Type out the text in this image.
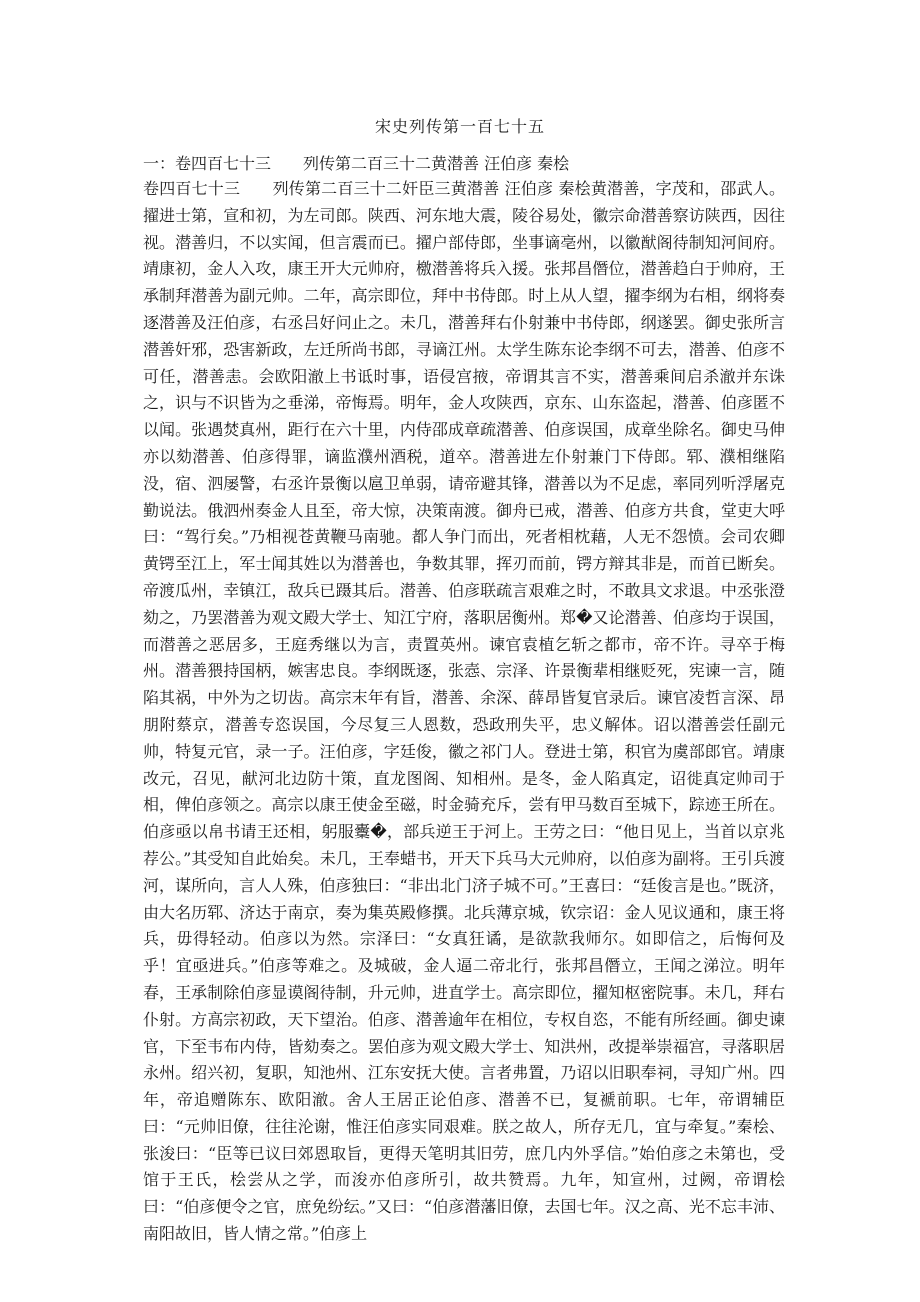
宋史列传第一百七十五
一：卷四百七十三　　列传第二百三十二黄潜善 汪伯彦 秦桧
卷四百七十三　　列传第二百三十二奸臣三黄潜善 汪伯彦 秦桧黄潜善，字茂和，邵武人。擢进士第，宣和初，为左司郎。陕西、河东地大震，陵谷易处，徽宗命潜善察访陕西，因往视。潜善归，不以实闻，但言震而已。擢户部侍郎，坐事谪亳州，以徽猷阁待制知河间府。靖康初，金人入攻，康王开大元帅府，檄潜善将兵入援。张邦昌僭位，潜善趋白于帅府，王承制拜潜善为副元帅。二年，高宗即位，拜中书侍郎。时上从人望，擢李纲为右相，纲将奏逐潜善及汪伯彦，右丞吕好问止之。未几，潜善拜右仆射兼中书侍郎，纲遂罢。御史张所言潜善奸邪，恐害新政，左迁所尚书郎，寻谪江州。太学生陈东论李纲不可去，潜善、伯彦不可任，潜善恚。会欧阳澈上书诋时事，语侵宫掖，帝谓其言不实，潜善乘间启杀澈并东诛之，识与不识皆为之垂涕，帝悔焉。明年，金人攻陕西，京东、山东盗起，潜善、伯彦匿不以闻。张遇焚真州，距行在六十里，内侍邵成章疏潜善、伯彦误国，成章坐除名。御史马伸亦以劾潜善、伯彦得罪，谪监濮州酒税，道卒。潜善进左仆射兼门下侍郎。郓、濮相继陷没，宿、泗屡警，右丞许景衡以扈卫单弱，请帝避其锋，潜善以为不足虑，率同列听浮屠克勤说法。俄泗州奏金人且至，帝大惊，决策南渡。御舟已戒，潜善、伯彦方共食，堂吏大呼曰：“驾行矣。”乃相视苍黄鞭马南驰。都人争门而出，死者相枕藉，人无不怨愤。会司农卿黄锷至江上，军士闻其姓以为潜善也，争数其罪，挥刃而前，锷方辩其非是，而首已断矣。帝渡瓜州，幸镇江，敌兵已蹑其后。潜善、伯彦联疏言艰难之时，不敢具文求退。中丞张澄劾之，乃罢潜善为观文殿大学士、知江宁府，落职居衡州。郑�又论潜善、伯彦均于误国，而潜善之恶居多，王庭秀继以为言，责置英州。谏官袁植乞斩之都市，帝不许。寻卒于梅州。潜善猥持国柄，嫉害忠良。李纲既逐，张悫、宗泽、许景衡辈相继贬死，宪谏一言，随陷其祸，中外为之切齿。高宗末年有旨，潜善、余深、薛昂皆复官录后。谏官凌哲言深、昂朋附蔡京，潜善专恣误国，今尽复三人恩数，恐政刑失平，忠义解体。诏以潜善尝任副元帅，特复元官，录一子。汪伯彦，字廷俊，徽之祁门人。登进士第，积官为虞部郎官。靖康改元，召见，献河北边防十策，直龙图阁、知相州。是冬，金人陷真定，诏徙真定帅司于相，俾伯彦领之。高宗以康王使金至磁，时金骑充斥，尝有甲马数百至城下，踪迹王所在。伯彦亟以帛书请王还相，躬服櫜�，部兵逆王于河上。王劳之曰：“他日见上，当首以京兆荐公。”其受知自此始矣。未几，王奉蜡书，开天下兵马大元帅府，以伯彦为副将。王引兵渡河，谋所向，言人人殊，伯彦独曰：“非出北门济子城不可。”王喜曰：“廷俊言是也。”既济，由大名历郓、济达于南京，奏为集英殿修撰。北兵薄京城，钦宗诏：金人见议通和，康王将兵，毋得轻动。伯彦以为然。宗泽曰：“女真狂谲，是欲款我师尔。如即信之，后悔何及乎！宜亟进兵。”伯彦等难之。及城破，金人逼二帝北行，张邦昌僭立，王闻之涕泣。明年春，王承制除伯彦显谟阁待制，升元帅，进直学士。高宗即位，擢知枢密院事。未几，拜右仆射。方高宗初政，天下望治。伯彦、潜善逾年在相位，专权自恣，不能有所经画。御史谏官，下至韦布内侍，皆劾奏之。罢伯彦为观文殿大学士、知洪州，改提举崇福宫，寻落职居永州。绍兴初，复职，知池州、江东安抚大使。言者弗置，乃诏以旧职奉祠，寻知广州。四年，帝追赠陈东、欧阳澈。舍人王居正论伯彦、潜善不已，复褫前职。七年，帝谓辅臣曰：“元帅旧僚，往往沦谢，惟汪伯彦实同艰难。朕之故人，所存无几，宜与牵复。”秦桧、张浚曰：“臣等已议曰郊恩取旨，更得天笔明其旧劳，庶几内外孚信。”始伯彦之未第也，受馆于王氏，桧尝从之学，而浚亦伯彦所引，故共赞焉。九年，知宣州，过阙，帝谓桧曰：“伯彦便令之官，庶免纷纭。”又曰：“伯彦潜藩旧僚，去国七年。汉之高、光不忘丰沛、南阳故旧，皆人情之常。”伯彦上
